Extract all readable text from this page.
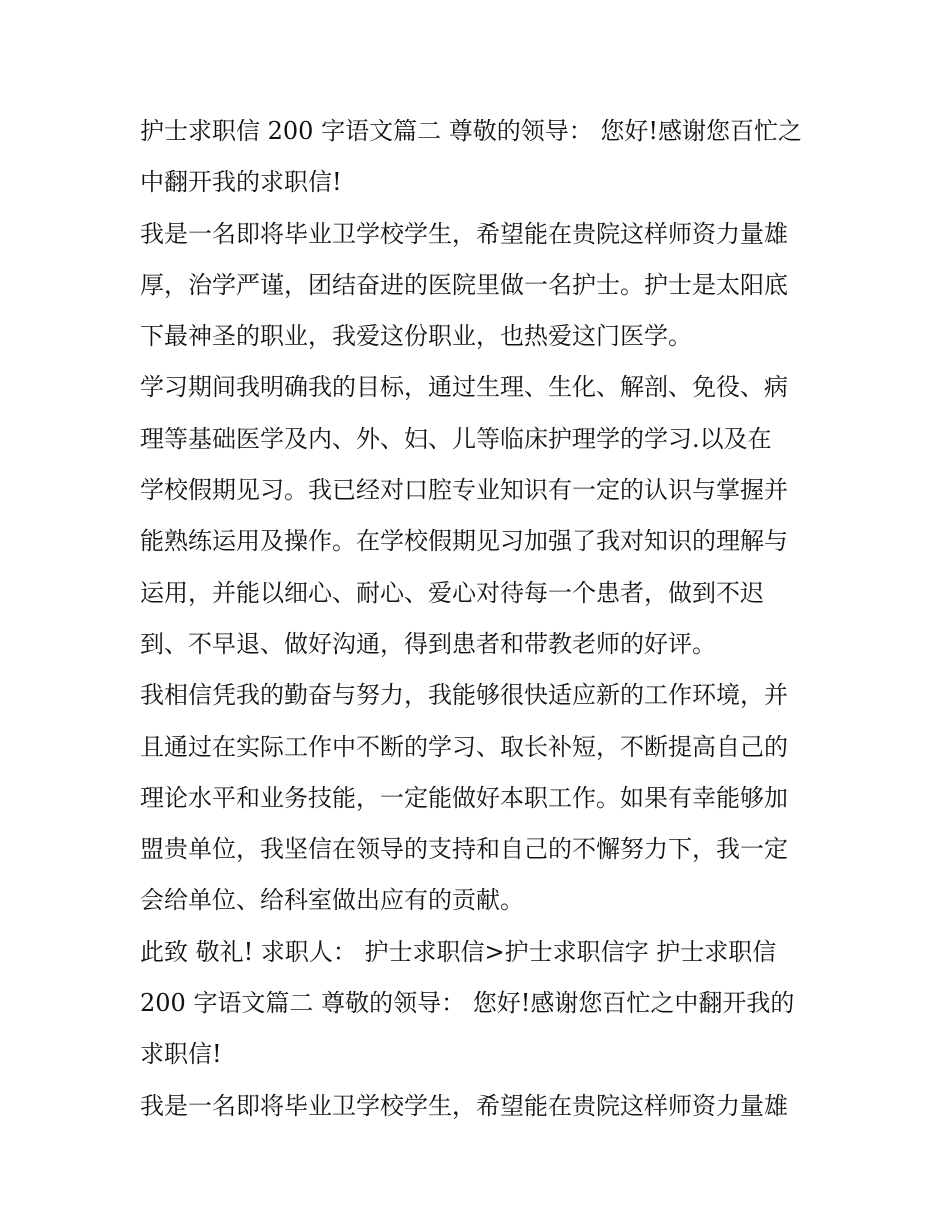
护士求职信 200 字语文篇二 尊敬的领导： 您好!感谢您百忙之
中翻开我的求职信!
我是一名即将毕业卫学校学生，希望能在贵院这样师资力量雄
厚，治学严谨，团结奋进的医院里做一名护士。护士是太阳底
下最神圣的职业，我爱这份职业，也热爱这门医学。
学习期间我明确我的目标，通过生理、生化、解剖、免役、病
理等基础医学及内、外、妇、儿等临床护理学的学习.以及在
学校假期见习。我已经对口腔专业知识有一定的认识与掌握并
能熟练运用及操作。在学校假期见习加强了我对知识的理解与
运用，并能以细心、耐心、爱心对待每一个患者，做到不迟
到、不早退、做好沟通，得到患者和带教老师的好评。
我相信凭我的勤奋与努力，我能够很快适应新的工作环境，并
且通过在实际工作中不断的学习、取长补短，不断提高自己的
理论水平和业务技能，一定能做好本职工作。如果有幸能够加
盟贵单位，我坚信在领导的支持和自己的不懈努力下，我一定
会给单位、给科室做出应有的贡献。
此致 敬礼! 求职人： 护士求职信>护士求职信字 护士求职信
200 字语文篇二 尊敬的领导： 您好!感谢您百忙之中翻开我的
求职信!
我是一名即将毕业卫学校学生，希望能在贵院这样师资力量雄
